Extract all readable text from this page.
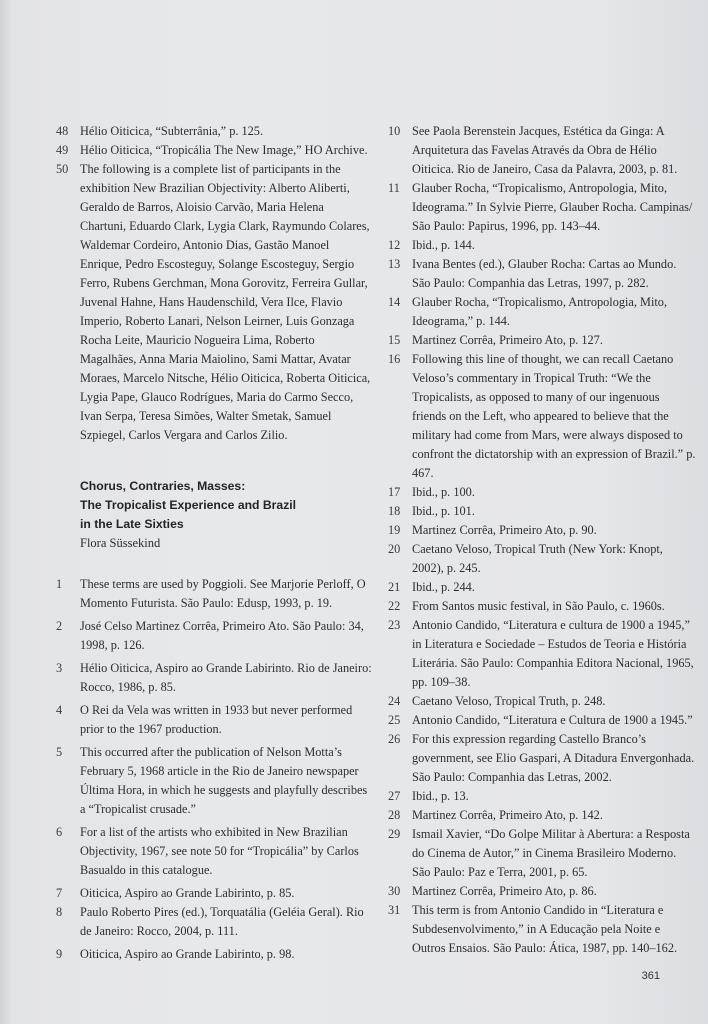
48 Hélio Oiticica, “Subterrânia,” p. 125.
49 Hélio Oiticica, “Tropicália The New Image,” HO Archive.
50 The following is a complete list of participants in the exhibition New Brazilian Objectivity: Alberto Aliberti, Geraldo de Barros, Aloisio Carvão, Maria Helena Chartuni, Eduardo Clark, Lygia Clark, Raymundo Colares, Waldemar Cordeiro, Antonio Dias, Gastão Manoel Enrique, Pedro Escosteguy, Solange Escosteguy, Sergio Ferro, Rubens Gerchman, Mona Gorovitz, Ferreira Gullar, Juvenal Hahne, Hans Haudenschild, Vera Ilce, Flavio Imperio, Roberto Lanari, Nelson Leirner, Luis Gonzaga Rocha Leite, Mauricio Nogueira Lima, Roberto Magalhães, Anna Maria Maiolino, Sami Mattar, Avatar Moraes, Marcelo Nitsche, Hélio Oiticica, Roberta Oiticica, Lygia Pape, Glauco Rodrígues, Maria do Carmo Secco, Ivan Serpa, Teresa Simões, Walter Smetak, Samuel Szpiegel, Carlos Vergara and Carlos Zilio.
Chorus, Contraries, Masses:
The Tropicalist Experience and Brazil
in the Late Sixties
Flora Süssekind
1	These terms are used by Poggioli. See Marjorie Perloff, O Momento Futurista. São Paulo: Edusp, 1993, p. 19.
2	José Celso Martinez Corrêa, Primeiro Ato. São Paulo: 34, 1998, p. 126.
3	Hélio Oiticica, Aspiro ao Grande Labirinto. Rio de Janeiro: Rocco, 1986, p. 85.
4	O Rei da Vela was written in 1933 but never performed prior to the 1967 production.
5	This occurred after the publication of Nelson Motta’s February 5, 1968 article in the Rio de Janeiro newspaper Última Hora, in which he suggests and playfully describes a “Tropicalist crusade.”
6	For a list of the artists who exhibited in New Brazilian Objectivity, 1967, see note 50 for “Tropicália” by Carlos Basualdo in this catalogue.
7	Oiticica, Aspiro ao Grande Labirinto, p. 85.
8	Paulo Roberto Pires (ed.), Torquatália (Geléia Geral). Rio de Janeiro: Rocco, 2004, p. 111.
9	Oiticica, Aspiro ao Grande Labirinto, p. 98.
10 See Paola Berenstein Jacques, Estética da Ginga: A Arquitetura das Favelas Através da Obra de Hélio Oiticica. Rio de Janeiro, Casa da Palavra, 2003, p. 81.
11 Glauber Rocha, “Tropicalismo, Antropologia, Mito, Ideograma.” In Sylvie Pierre, Glauber Rocha. Campinas/ São Paulo: Papirus, 1996, pp. 143–44.
12 Ibid., p. 144.
13 Ivana Bentes (ed.), Glauber Rocha: Cartas ao Mundo. São Paulo: Companhia das Letras, 1997, p. 282.
14 Glauber Rocha, “Tropicalismo, Antropologia, Mito, Ideograma,” p. 144.
15 Martinez Corrêa, Primeiro Ato, p. 127.
16 Following this line of thought, we can recall Caetano Veloso’s commentary in Tropical Truth: “We the Tropicalists, as opposed to many of our ingenuous friends on the Left, who appeared to believe that the military had come from Mars, were always disposed to confront the dictatorship with an expression of Brazil.” p. 467.
17 Ibid., p. 100.
18 Ibid., p. 101.
19 Martinez Corrêa, Primeiro Ato, p. 90.
20 Caetano Veloso, Tropical Truth (New York: Knopt, 2002), p. 245.
21 Ibid., p. 244.
22 From Santos music festival, in São Paulo, c. 1960s.
23 Antonio Candido, “Literatura e cultura de 1900 a 1945,” in Literatura e Sociedade – Estudos de Teoria e História Literária. São Paulo: Companhia Editora Nacional, 1965, pp. 109–38.
24 Caetano Veloso, Tropical Truth, p. 248.
25 Antonio Candido, “Literatura e Cultura de 1900 a 1945.”
26 For this expression regarding Castello Branco’s government, see Elio Gaspari, A Ditadura Envergonhada. São Paulo: Companhia das Letras, 2002.
27 Ibid., p. 13.
28 Martinez Corrêa, Primeiro Ato, p. 142.
29 Ismail Xavier, “Do Golpe Militar à Abertura: a Resposta do Cinema de Autor,” in Cinema Brasileiro Moderno. São Paulo: Paz e Terra, 2001, p. 65.
30 Martinez Corrêa, Primeiro Ato, p. 86.
31 This term is from Antonio Candido in “Literatura e Subdesenvolvimento,” in A Educação pela Noite e Outros Ensaios. São Paulo: Ática, 1987, pp. 140–162.
361
